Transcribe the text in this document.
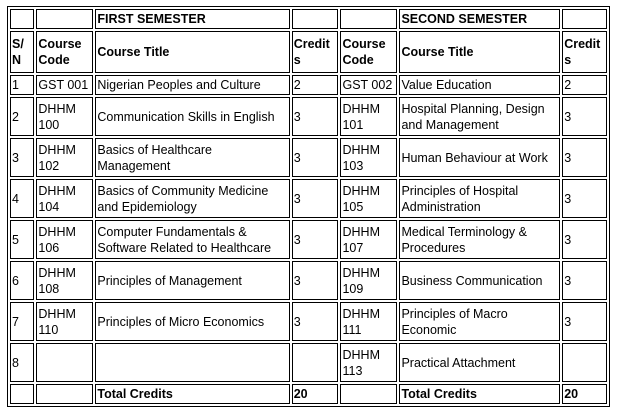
		FIRST SEMESTER			SECOND SEMESTER	
S/N	Course Code	Course Title	Credits	Course Code	Course Title	Credits
1	GST 001	Nigerian Peoples and Culture	2	GST 002	Value Education	2
2	DHHM 100	Communication Skills in English	3	DHHM 101	Hospital Planning, Design and Management	3
3	DHHM 102	Basics of Healthcare Management	3	DHHM 103	Human Behaviour at Work	3
4	DHHM 104	Basics of Community Medicine and Epidemiology	3	DHHM 105	Principles of Hospital Administration	3
5	DHHM 106	Computer Fundamentals & Software Related to Healthcare	3	DHHM 107	Medical Terminology & Procedures	3
6	DHHM 108	Principles of Management	3	DHHM 109	Business Communication	3
7	DHHM 110	Principles of Micro Economics	3	DHHM 111	Principles of Macro Economic	3
8				DHHM 113	Practical Attachment	
		Total Credits	20		Total Credits	20
